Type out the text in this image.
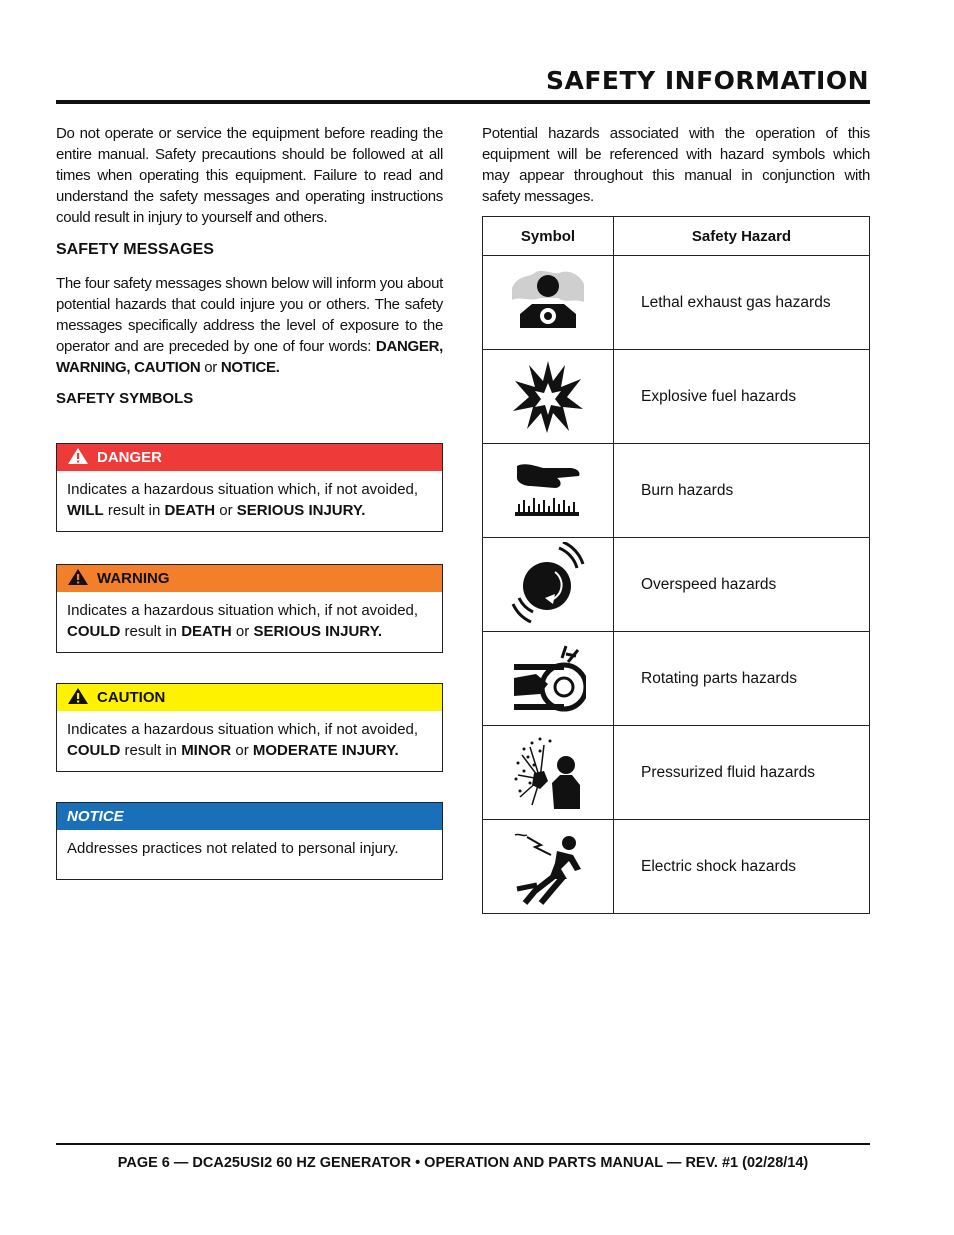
SAFETY INFORMATION

Do not operate or service the equipment before reading the entire manual. Safety precautions should be followed at all times when operating this equipment. Failure to read and understand the safety messages and operating instructions could result in injury to yourself and others.

SAFETY MESSAGES

The four safety messages shown below will inform you about potential hazards that could injure you or others. The safety messages specifically address the level of exposure to the operator and are preceded by one of four words: DANGER, WARNING, CAUTION or NOTICE.

SAFETY SYMBOLS
DANGER
Indicates a hazardous situation which, if not avoided, WILL result in DEATH or SERIOUS INJURY.
WARNING
Indicates a hazardous situation which, if not avoided, COULD result in DEATH or SERIOUS INJURY.
CAUTION
Indicates a hazardous situation which, if not avoided, COULD result in MINOR or MODERATE INJURY.
NOTICE
Addresses practices not related to personal injury.

Potential hazards associated with the operation of this equipment will be referenced with hazard symbols which may appear throughout this manual in conjunction with safety messages.

Symbol	Safety Hazard

	Lethal exhaust gas hazards

	Explosive fuel hazards

	Burn hazards

	Overspeed hazards

	Rotating parts hazards

	Pressurized fluid hazards

	Electric shock hazards
PAGE 6 — DCA25USI2 60 HZ GENERATOR • OPERATION AND PARTS MANUAL — REV. #1 (02/28/14)
